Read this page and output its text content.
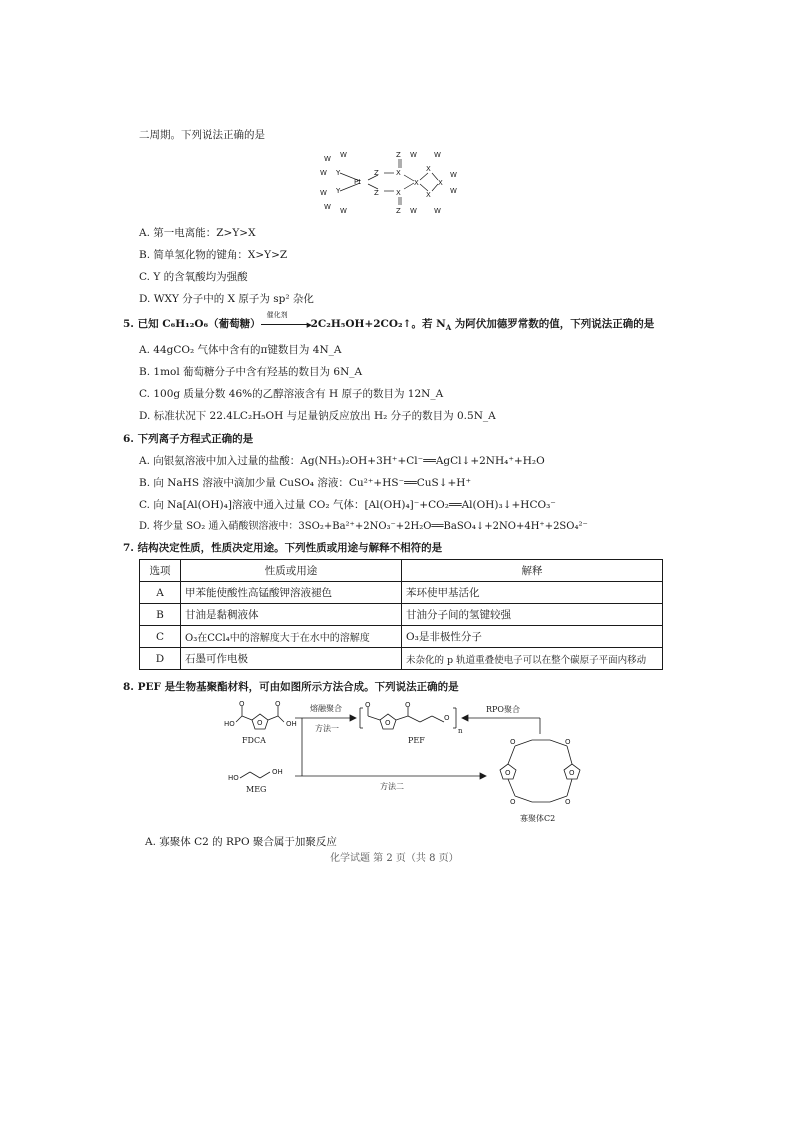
二周期。下列说法正确的是
W W
W Y
Pt
W Y
W W
Z
Z
Z
X
X
Z
X
X
X
X
W W
W
W
W W
A. 第一电离能：Z>Y>X
B. 简单氢化物的键角：X>Y>Z
C. Y 的含氧酸均为强酸
D. WXY 分子中的 X 原子为 sp² 杂化
5. 已知 C₆H₁₂O₆（葡萄糖）
催化剂
▶2C₂H₅OH+2CO₂↑。若 $N_A$ 为阿伏加德罗常数的值，下列说法正确的是
A. 44gCO₂ 气体中含有的π键数目为 4N_A
B. 1mol 葡萄糖分子中含有羟基的数目为 6N_A
C. 100g 质量分数 46%的乙醇溶液含有 H 原子的数目为 12N_A
D. 标准状况下 22.4LC₂H₅OH 与足量钠反应放出 H₂ 分子的数目为 0.5N_A
6. 下列离子方程式正确的是
A. 向银氨溶液中加入过量的盐酸：Ag(NH₃)₂OH+3H⁺+Cl⁻══AgCl↓+2NH₄⁺+H₂O
B. 向 NaHS 溶液中滴加少量 CuSO₄ 溶液：Cu²⁺+HS⁻══CuS↓+H⁺
C. 向 Na[Al(OH)₄]溶液中通入过量 CO₂ 气体：[Al(OH)₄]⁻+CO₂══Al(OH)₃↓+HCO₃⁻
D. 将少量 SO₂ 通入硝酸钡溶液中：3SO₂+Ba²⁺+2NO₃⁻+2H₂O══BaSO₄↓+2NO+4H⁺+2SO₄²⁻
7. 结构决定性质，性质决定用途。下列性质或用途与解释不相符的是
选项	性质或用途	解释
A	甲苯能使酸性高锰酸钾溶液褪色	苯环使甲基活化
B	甘油是黏稠液体	甘油分子间的氢键较强
C	O₃在CCl₄中的溶解度大于在水中的溶解度	O₃是非极性分子
D	石墨可作电极	未杂化的 p 轨道重叠使电子可以在整个碳原子平面内移动
8. PEF 是生物基聚酯材料，可由如图所示方法合成。下列说法正确的是
HO	OH
O	O
O
HO
OH
O
O	O
O
O	O
O	O
O	O
FDCA
MEG
PEF
寡聚体C2
熔融聚合
方法一
方法二
RPO聚合
n
A. 寡聚体 C2 的 RPO 聚合属于加聚反应
化学试题 第 2 页（共 8 页）
